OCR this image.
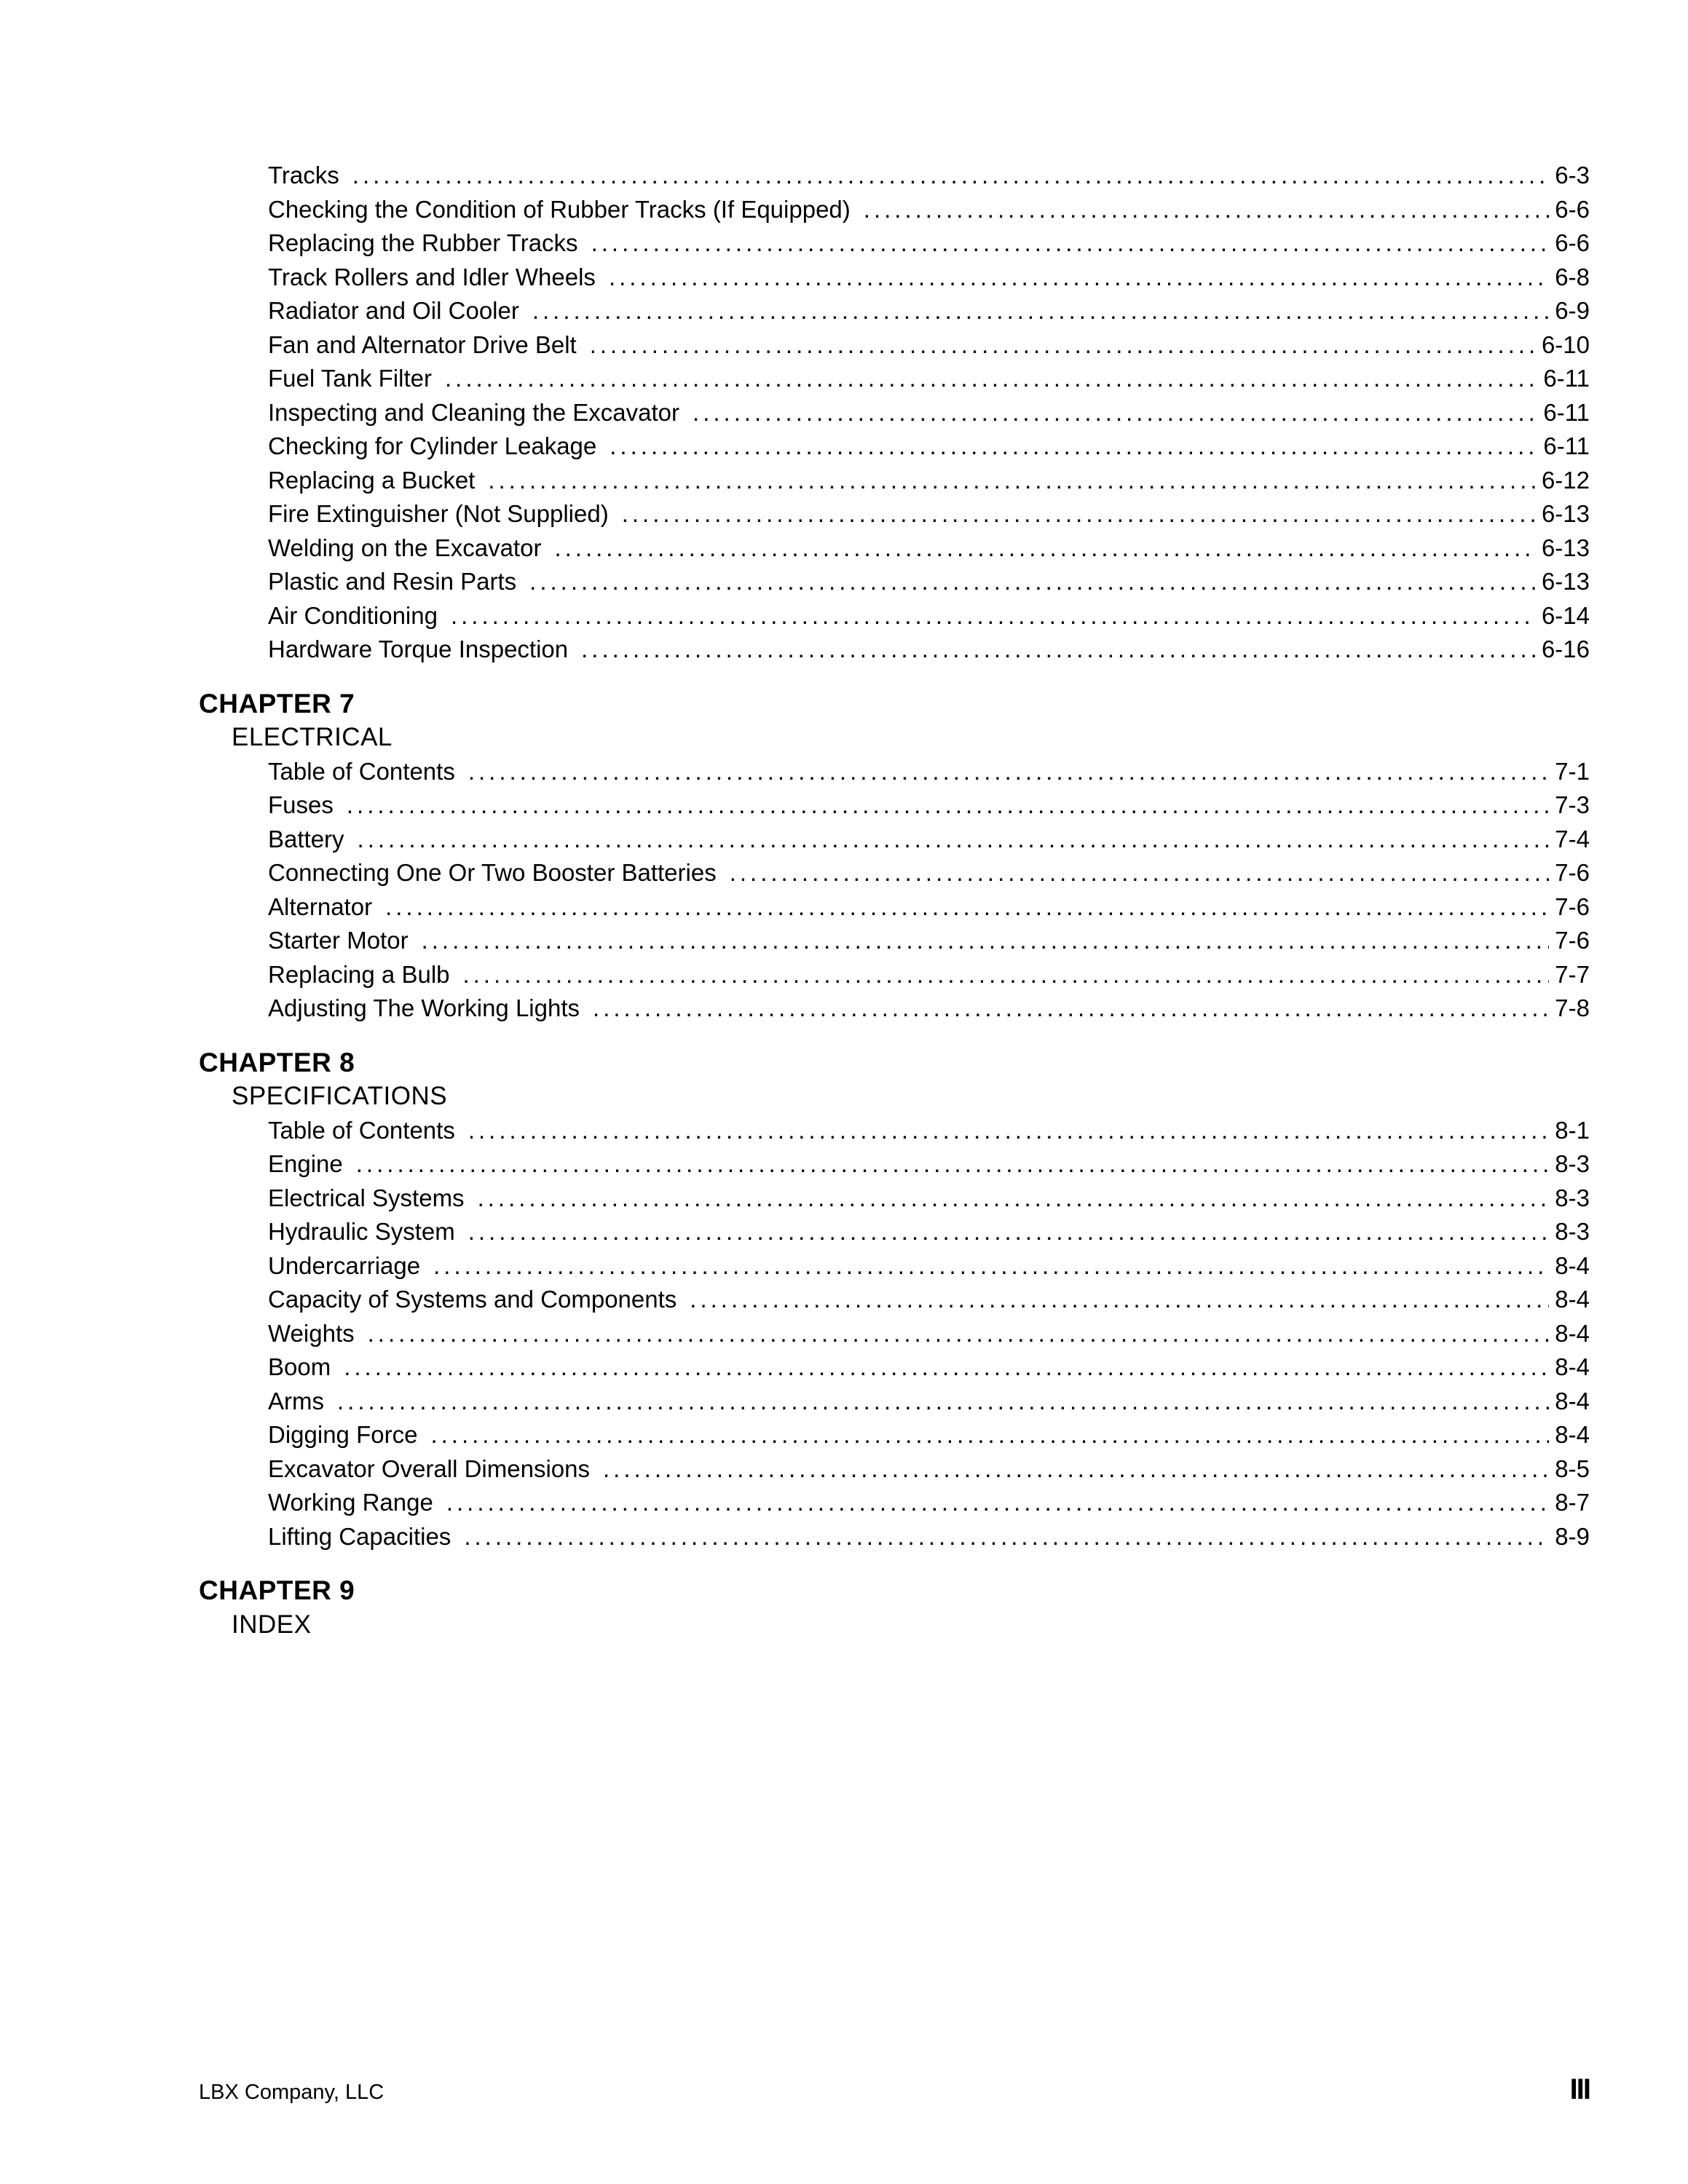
Tracks .....	6-3
Checking the Condition of Rubber Tracks (If Equipped) .....	6-6
Replacing the Rubber Tracks .....	6-6
Track Rollers and Idler Wheels .....	6-8
Radiator and Oil Cooler .....	6-9
Fan and Alternator Drive Belt .....	6-10
Fuel Tank Filter .....	6-11
Inspecting and Cleaning the Excavator .....	6-11
Checking for Cylinder Leakage .....	6-11
Replacing a Bucket .....	6-12
Fire Extinguisher (Not Supplied) .....	6-13
Welding on the Excavator .....	6-13
Plastic and Resin Parts .....	6-13
Air Conditioning .....	6-14
Hardware Torque Inspection .....	6-16
CHAPTER 7
ELECTRICAL
Table of Contents .....	7-1
Fuses .....	7-3
Battery .....	7-4
Connecting One Or Two Booster Batteries .....	7-6
Alternator .....	7-6
Starter Motor .....	7-6
Replacing a Bulb .....	7-7
Adjusting The Working Lights .....	7-8
CHAPTER 8
SPECIFICATIONS
Table of Contents .....	8-1
Engine .....	8-3
Electrical Systems .....	8-3
Hydraulic System .....	8-3
Undercarriage .....	8-4
Capacity of Systems and Components .....	8-4
Weights .....	8-4
Boom .....	8-4
Arms .....	8-4
Digging Force .....	8-4
Excavator Overall Dimensions .....	8-5
Working Range .....	8-7
Lifting Capacities .....	8-9
CHAPTER 9
INDEX
LBX Company, LLC	III
